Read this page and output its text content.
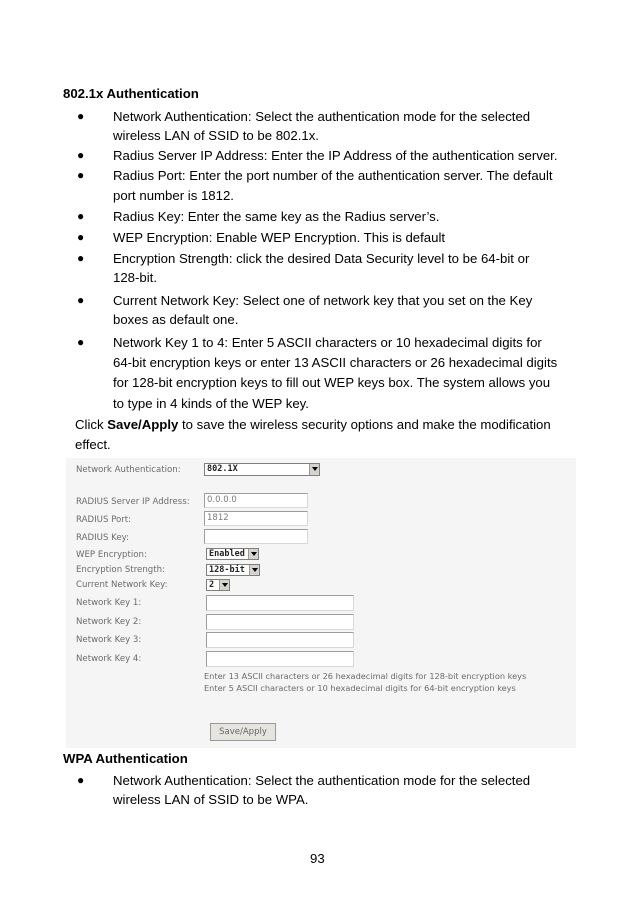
802.1x Authentication
● Network Authentication: Select the authentication mode for the selected
wireless LAN of SSID to be 802.1x.
● Radius Server IP Address: Enter the IP Address of the authentication server.
● Radius Port: Enter the port number of the authentication server. The default
port number is 1812.
● Radius Key: Enter the same key as the Radius server’s.
● WEP Encryption: Enable WEP Encryption. This is default
● Encryption Strength: click the desired Data Security level to be 64-bit or
128-bit.
● Current Network Key: Select one of network key that you set on the Key
boxes as default one.
● Network Key 1 to 4: Enter 5 ASCII characters or 10 hexadecimal digits for
64-bit encryption keys or enter 13 ASCII characters or 26 hexadecimal digits
for 128-bit encryption keys to fill out WEP keys box. The system allows you
to type in 4 kinds of the WEP key.
Click Save/Apply to save the wireless security options and make the modification
effect.
Network Authentication:	802.1X
RADIUS Server IP Address:	0.0.0.0
RADIUS Port:	1812
RADIUS Key:
WEP Encryption:	Enabled
Encryption Strength:	128-bit
Current Network Key:	2
Network Key 1:
Network Key 2:
Network Key 3:
Network Key 4:
Enter 13 ASCII characters or 26 hexadecimal digits for 128-bit encryption keys
Enter 5 ASCII characters or 10 hexadecimal digits for 64-bit encryption keys
Save/Apply
WPA Authentication
● Network Authentication: Select the authentication mode for the selected
wireless LAN of SSID to be WPA.
93
